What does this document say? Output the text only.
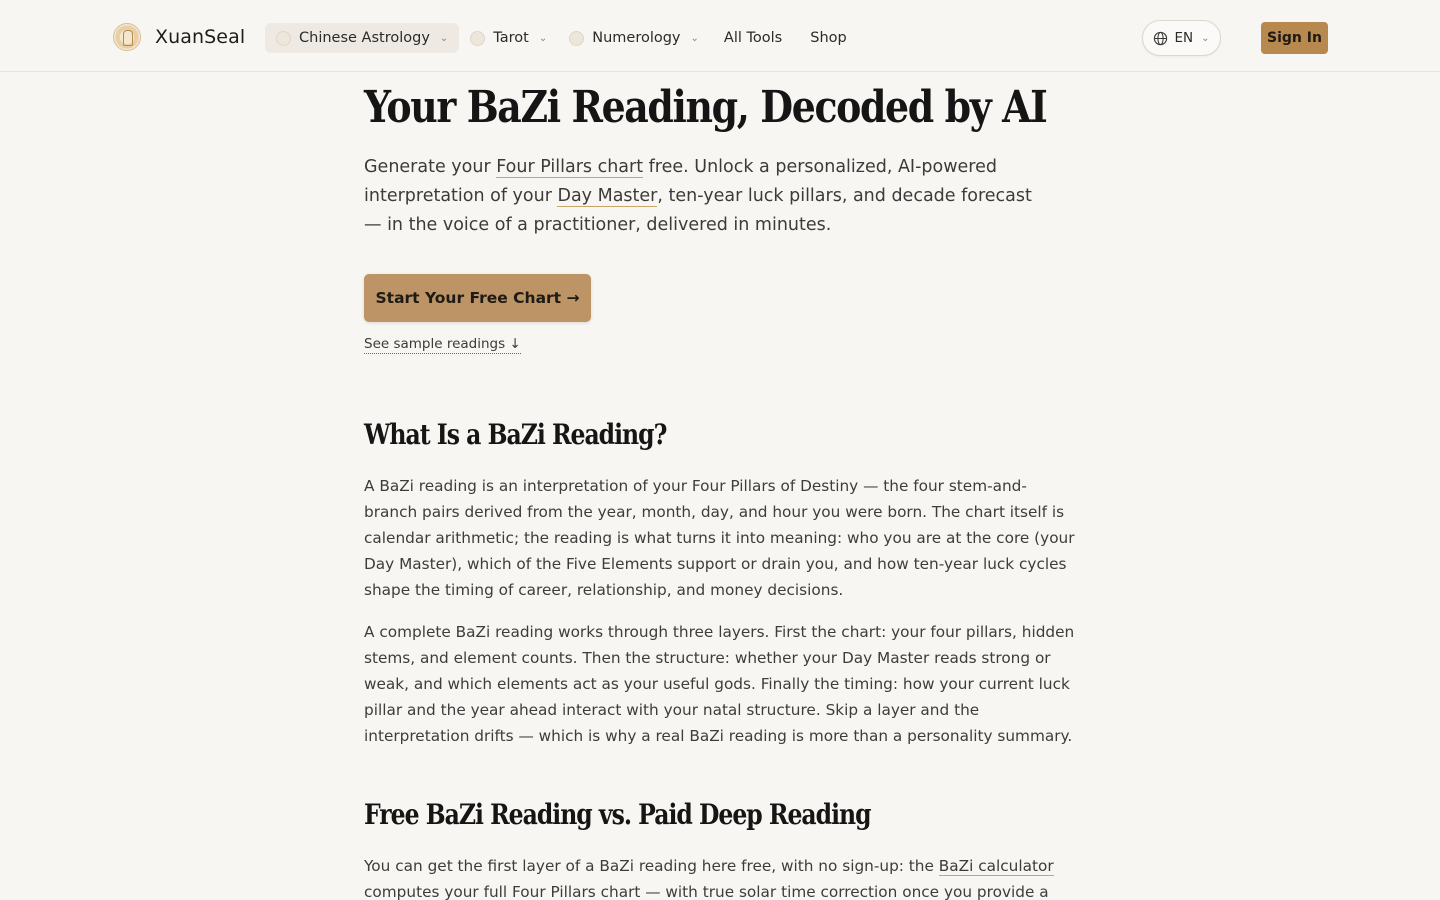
XuanSeal	Chinese Astrology ⌄	Tarot ⌄	Numerology ⌄	All Tools	Shop	EN ⌄	Sign In
Your BaZi Reading, Decoded by AI

Generate your Four Pillars chart free. Unlock a personalized, AI-powered interpretation of your Day Master, ten-year luck pillars, and decade forecast — in the voice of a practitioner, delivered in minutes.

Start Your Free Chart →
See sample readings ↓
What Is a BaZi Reading?

A BaZi reading is an interpretation of your Four Pillars of Destiny — the four stem-and-branch pairs derived from the year, month, day, and hour you were born. The chart itself is calendar arithmetic; the reading is what turns it into meaning: who you are at the core (your Day Master), which of the Five Elements support or drain you, and how ten-year luck cycles shape the timing of career, relationship, and money decisions.

A complete BaZi reading works through three layers. First the chart: your four pillars, hidden stems, and element counts. Then the structure: whether your Day Master reads strong or weak, and which elements act as your useful gods. Finally the timing: how your current luck pillar and the year ahead interact with your natal structure. Skip a layer and the interpretation drifts — which is why a real BaZi reading is more than a personality summary.

Free BaZi Reading vs. Paid Deep Reading

You can get the first layer of a BaZi reading here free, with no sign-up: the BaZi calculator computes your full Four Pillars chart — with true solar time correction once you provide a
